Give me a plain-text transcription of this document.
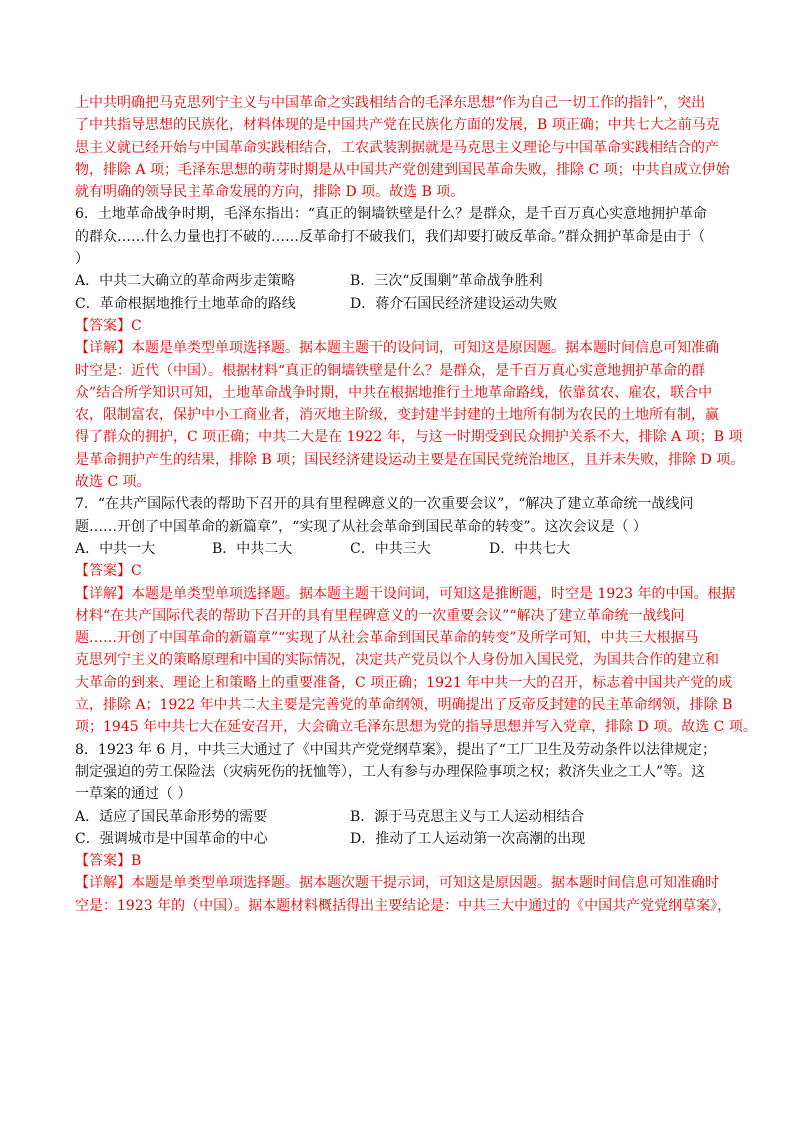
上中共明确把马克思列宁主义与中国革命之实践相结合的毛泽东思想“作为自己一切工作的指针”，突出
了中共指导思想的民族化，材料体现的是中国共产党在民族化方面的发展，B 项正确；中共七大之前马克
思主义就已经开始与中国革命实践相结合，工农武装割据就是马克思主义理论与中国革命实践相结合的产
物，排除 A 项；毛泽东思想的萌芽时期是从中国共产党创建到国民革命失败，排除 C 项；中共自成立伊始
就有明确的领导民主革命发展的方向，排除 D 项。故选 B 项。
6．土地革命战争时期，毛泽东指出：“真正的铜墙铁壁是什么？是群众，是千百万真心实意地拥护革命
的群众……什么力量也打不破的……反革命打不破我们，我们却要打破反革命。”群众拥护革命是由于（
）
A．中共二大确立的革命两步走策略	B．三次“反围剿”革命战争胜利
C．革命根据地推行土地革命的路线	D．蒋介石国民经济建设运动失败
【答案】C
【详解】本题是单类型单项选择题。据本题主题干的设问词，可知这是原因题。据本题时间信息可知准确
时空是：近代（中国）。根据材料“真正的铜墙铁壁是什么？是群众，是千百万真心实意地拥护革命的群
众”结合所学知识可知，土地革命战争时期，中共在根据地推行土地革命路线，依靠贫农、雇农，联合中
农，限制富农，保护中小工商业者，消灭地主阶级，变封建半封建的土地所有制为农民的土地所有制，赢
得了群众的拥护，C 项正确；中共二大是在 1922 年，与这一时期受到民众拥护关系不大，排除 A 项；B 项
是革命拥护产生的结果，排除 B 项；国民经济建设运动主要是在国民党统治地区，且并未失败，排除 D 项。
故选 C 项。
7．“在共产国际代表的帮助下召开的具有里程碑意义的一次重要会议”，“解决了建立革命统一战线问
题……开创了中国革命的新篇章”，“实现了从社会革命到国民革命的转变”。这次会议是（ ）
A．中共一大	B．中共二大	C．中共三大	D．中共七大
【答案】C
【详解】本题是单类型单项选择题。据本题主题干设问词，可知这是推断题，时空是 1923 年的中国。根据
材料“在共产国际代表的帮助下召开的具有里程碑意义的一次重要会议”“解决了建立革命统一战线问
题……开创了中国革命的新篇章”“实现了从社会革命到国民革命的转变”及所学可知，中共三大根据马
克思列宁主义的策略原理和中国的实际情况，决定共产党员以个人身份加入国民党，为国共合作的建立和
大革命的到来、理论上和策略上的重要准备，C 项正确；1921 年中共一大的召开，标志着中国共产党的成
立，排除 A；1922 年中共二大主要是完善党的革命纲领，明确提出了反帝反封建的民主革命纲领，排除 B
项；1945 年中共七大在延安召开，大会确立毛泽东思想为党的指导思想并写入党章，排除 D 项。故选 C 项。
8．1923 年 6 月，中共三大通过了《中国共产党党纲草案》，提出了“工厂卫生及劳动条件以法律规定；
制定强迫的劳工保险法（灾病死伤的抚恤等），工人有参与办理保险事项之权；救济失业之工人”等。这
一草案的通过（ ）
A．适应了国民革命形势的需要	B．源于马克思主义与工人运动相结合
C．强调城市是中国革命的中心	D．推动了工人运动第一次高潮的出现
【答案】B
【详解】本题是单类型单项选择题。据本题次题干提示词，可知这是原因题。据本题时间信息可知准确时
空是：1923 年的（中国）。据本题材料概括得出主要结论是：中共三大中通过的《中国共产党党纲草案》，
